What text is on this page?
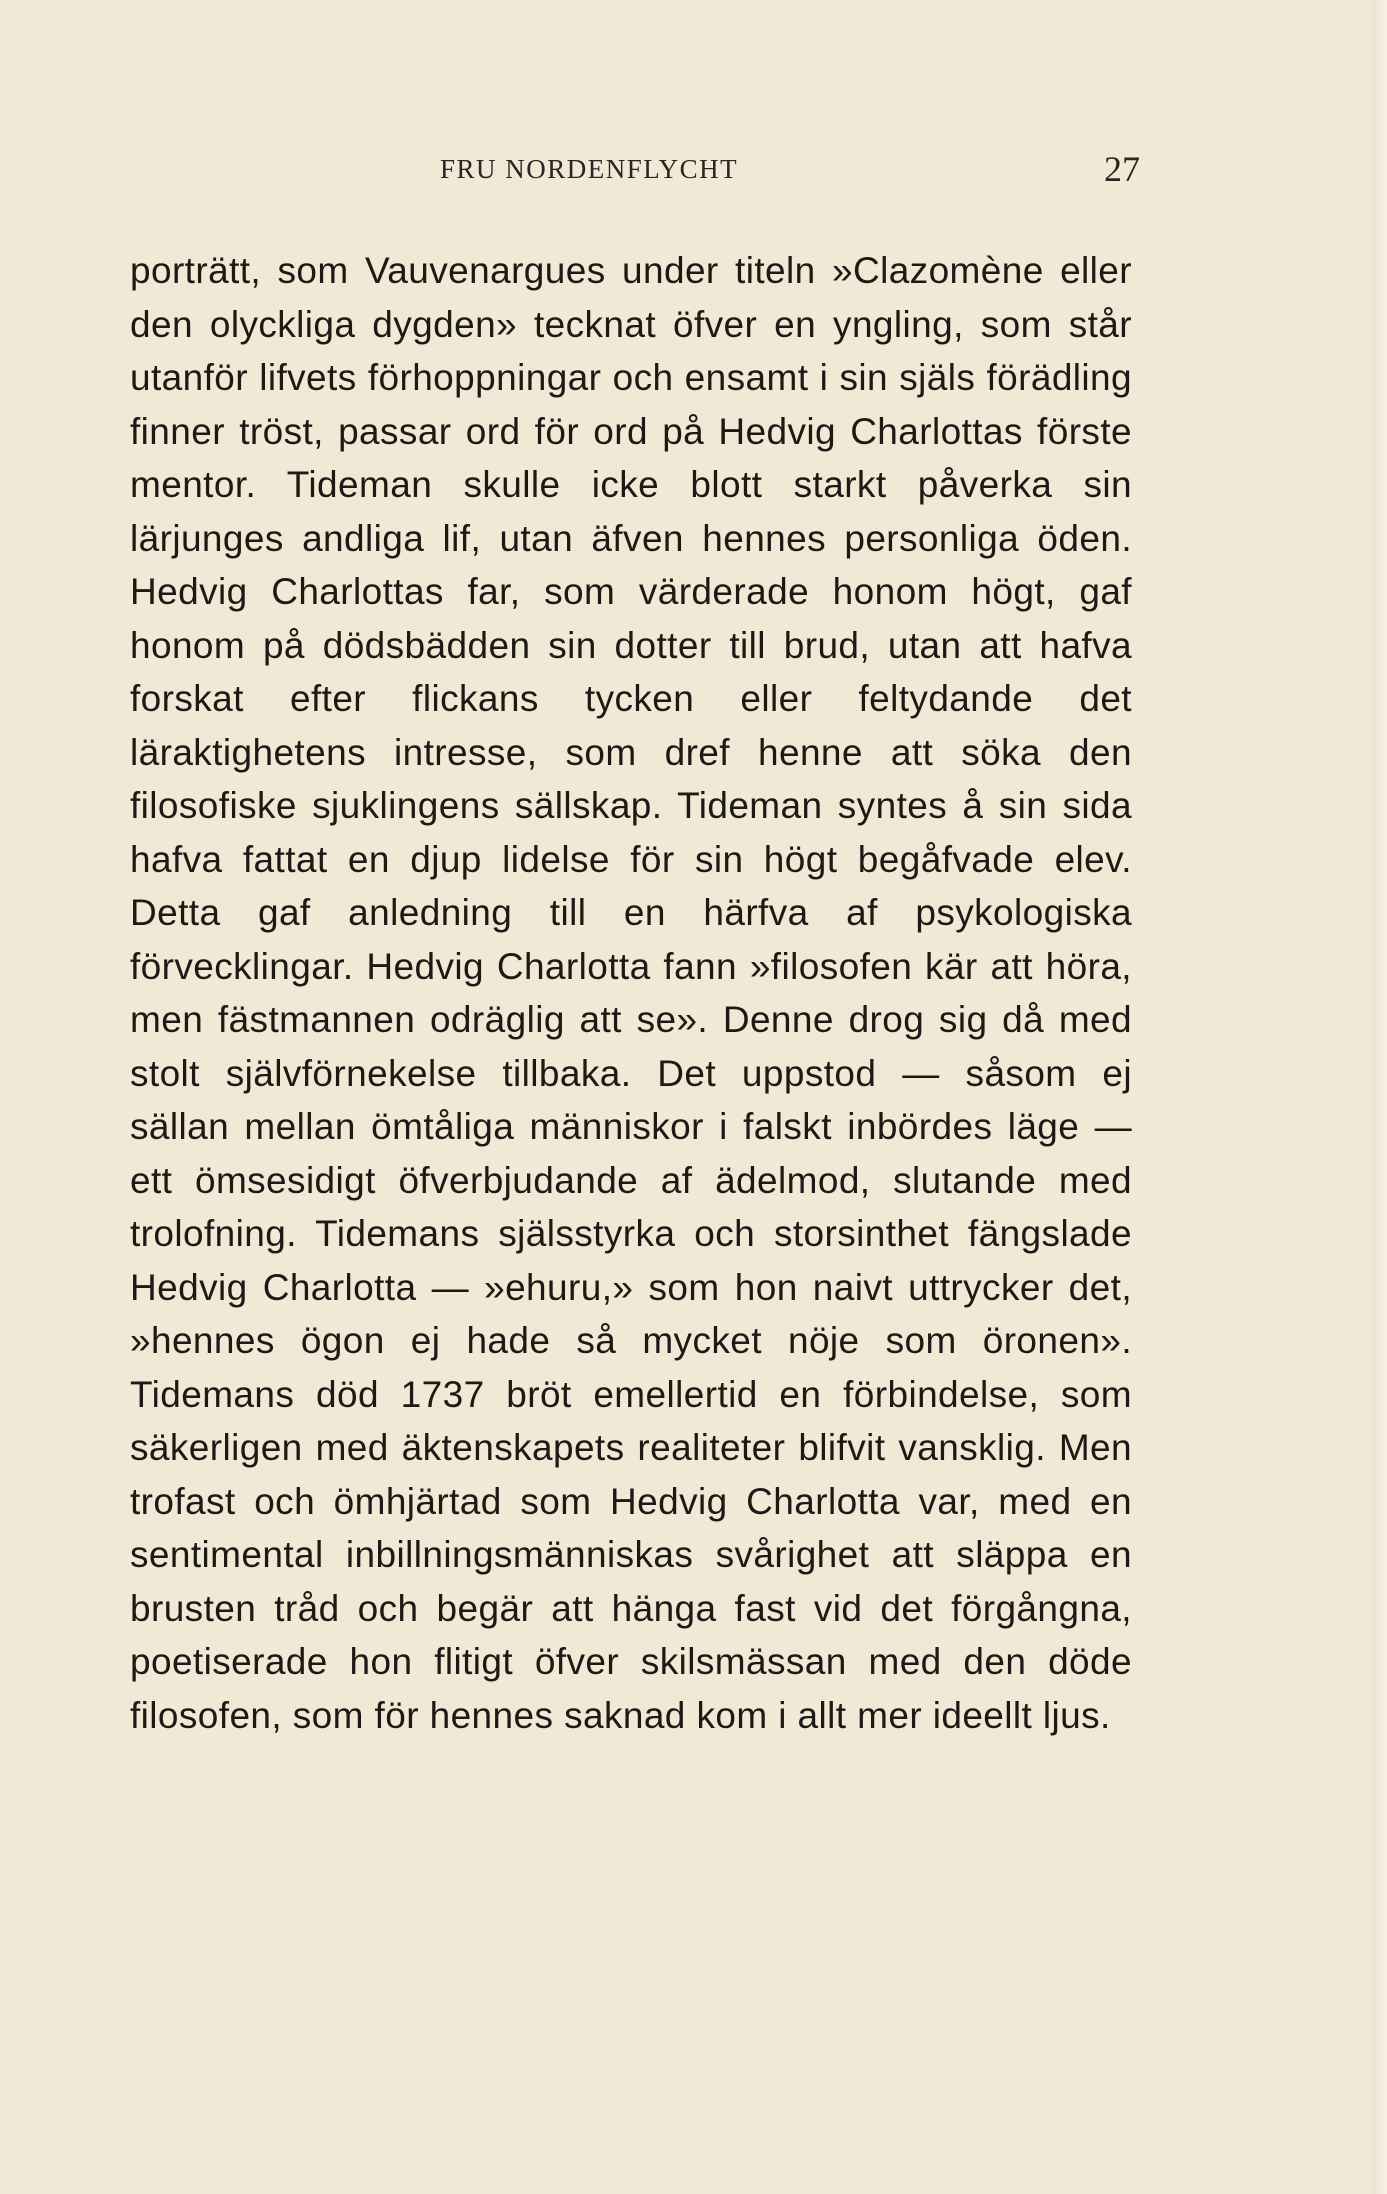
FRU NORDENFLYCHT	27

porträtt, som Vauvenargues under titeln »Clazomène eller den olyckliga dygden» tecknat öfver en yngling, som står utanför lifvets förhoppningar och ensamt i sin själs förädling finner tröst, passar ord för ord på Hedvig Charlottas förste mentor. Tideman skulle icke blott starkt påverka sin lärjunges andliga lif, utan äfven hennes personliga öden. Hedvig Charlottas far, som värderade honom högt, gaf honom på dödsbädden sin dotter till brud, utan att hafva forskat efter flickans tycken eller feltydande det läraktighetens intresse, som dref henne att söka den filosofiske sjuklingens sällskap. Tideman syntes å sin sida hafva fattat en djup lidelse för sin högt begåfvade elev. Detta gaf anledning till en härfva af psykologiska förvecklingar. Hedvig Charlotta fann »filosofen kär att höra, men fästmannen odräglig att se». Denne drog sig då med stolt självförnekelse tillbaka. Det uppstod — såsom ej sällan mellan ömtåliga människor i falskt inbördes läge — ett ömsesidigt öfverbjudande af ädelmod, slutande med trolofning. Tidemans själsstyrka och storsinthet fängslade Hedvig Charlotta — »ehuru,» som hon naivt uttrycker det, »hennes ögon ej hade så mycket nöje som öronen». Tidemans död 1737 bröt emellertid en förbindelse, som säkerligen med äktenskapets realiteter blifvit vansklig. Men trofast och ömhjärtad som Hedvig Charlotta var, med en sentimental inbillningsmänniskas svårighet att släppa en brusten tråd och begär att hänga fast vid det förgångna, poetiserade hon flitigt öfver skilsmässan med den döde filosofen, som för hennes saknad kom i allt mer ideellt ljus.
